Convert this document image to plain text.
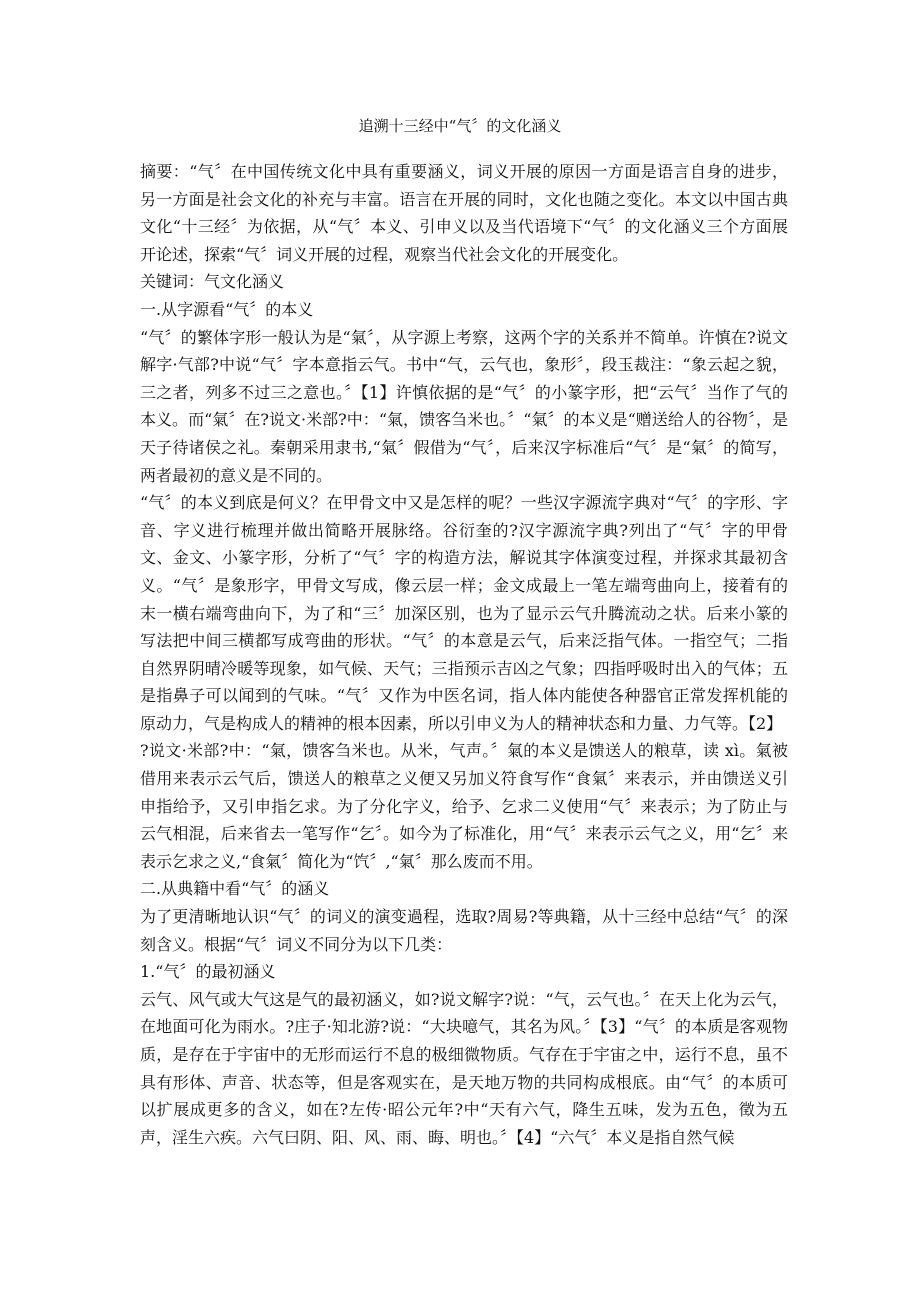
追溯十三经中“气〞的文化涵义

摘要：“气〞在中国传统文化中具有重要涵义，词义开展的原因一方面是语言自身的进步，另一方面是社会文化的补充与丰富。语言在开展的同时，文化也随之变化。本文以中国古典文化“十三经〞为依据，从“气〞本义、引申义以及当代语境下“气〞的文化涵义三个方面展开论述，探索“气〞词义开展的过程，观察当代社会文化的开展变化。

关键词：气文化涵义

一.从字源看“气〞的本义

“气〞的繁体字形一般认为是“氣〞，从字源上考察，这两个字的关系并不简单。许慎在?说文解字·气部?中说“气〞字本意指云气。书中“气，云气也，象形〞，段玉裁注：“象云起之貌，三之者，列多不过三之意也。〞【1】许慎依据的是“气〞的小篆字形，把“云气〞当作了气的本义。而“氣〞在?说文·米部?中：“氣，馈客刍米也。〞“氣〞的本义是“赠送给人的谷物〞，是天子待诸侯之礼。秦朝采用隶书,“氣〞假借为“气〞，后来汉字标准后“气〞是“氣〞的简写，两者最初的意义是不同的。

“气〞的本义到底是何义？在甲骨文中又是怎样的呢？一些汉字源流字典对“气〞的字形、字音、字义进行梳理并做出简略开展脉络。谷衍奎的?汉字源流字典?列出了“气〞字的甲骨文、金文、小篆字形，分析了“气〞字的构造方法，解说其字体演变过程，并探求其最初含义。“气〞是象形字，甲骨文写成，像云层一样；金文成最上一笔左端弯曲向上，接着有的末一横右端弯曲向下，为了和“三〞加深区别，也为了显示云气升腾流动之状。后来小篆的写法把中间三横都写成弯曲的形状。“气〞的本意是云气，后来泛指气体。一指空气；二指自然界阴晴冷暖等现象，如气候、天气；三指预示吉凶之气象；四指呼吸时出入的气体；五是指鼻子可以闻到的气味。“气〞又作为中医名词，指人体内能使各种器官正常发挥机能的原动力，气是构成人的精神的根本因素，所以引申义为人的精神状态和力量、力气等。【2】

?说文·米部?中：“氣，馈客刍米也。从米，气声。〞氣的本义是馈送人的粮草，读 xì。氣被借用来表示云气后，馈送人的粮草之义便又另加义符食写作“食氣〞来表示，并由馈送义引申指给予，又引申指乞求。为了分化字义，给予、乞求二义使用“气〞来表示；为了防止与云气相混，后来省去一笔写作“乞〞。如今为了标准化，用“气〞来表示云气之义，用“乞〞来表示乞求之义,“食氣〞简化为“饩〞,“氣〞那么废而不用。

二.从典籍中看“气〞的涵义

为了更清晰地认识“气〞的词义的演变過程，选取?周易?等典籍，从十三经中总结“气〞的深刻含义。根据“气〞词义不同分为以下几类：

1.“气〞的最初涵义

云气、风气或大气这是气的最初涵义，如?说文解字?说：“气，云气也。〞在天上化为云气，在地面可化为雨水。?庄子·知北游?说：“大块噫气，其名为风。〞【3】“气〞的本质是客观物质，是存在于宇宙中的无形而运行不息的极细微物质。气存在于宇宙之中，运行不息，虽不具有形体、声音、状态等，但是客观实在，是天地万物的共同构成根底。由“气〞的本质可以扩展成更多的含义，如在?左传·昭公元年?中“天有六气，降生五味，发为五色，徵为五声，淫生六疾。六气曰阴、阳、风、雨、晦、明也。〞【4】“六气〞本义是指自然气候
